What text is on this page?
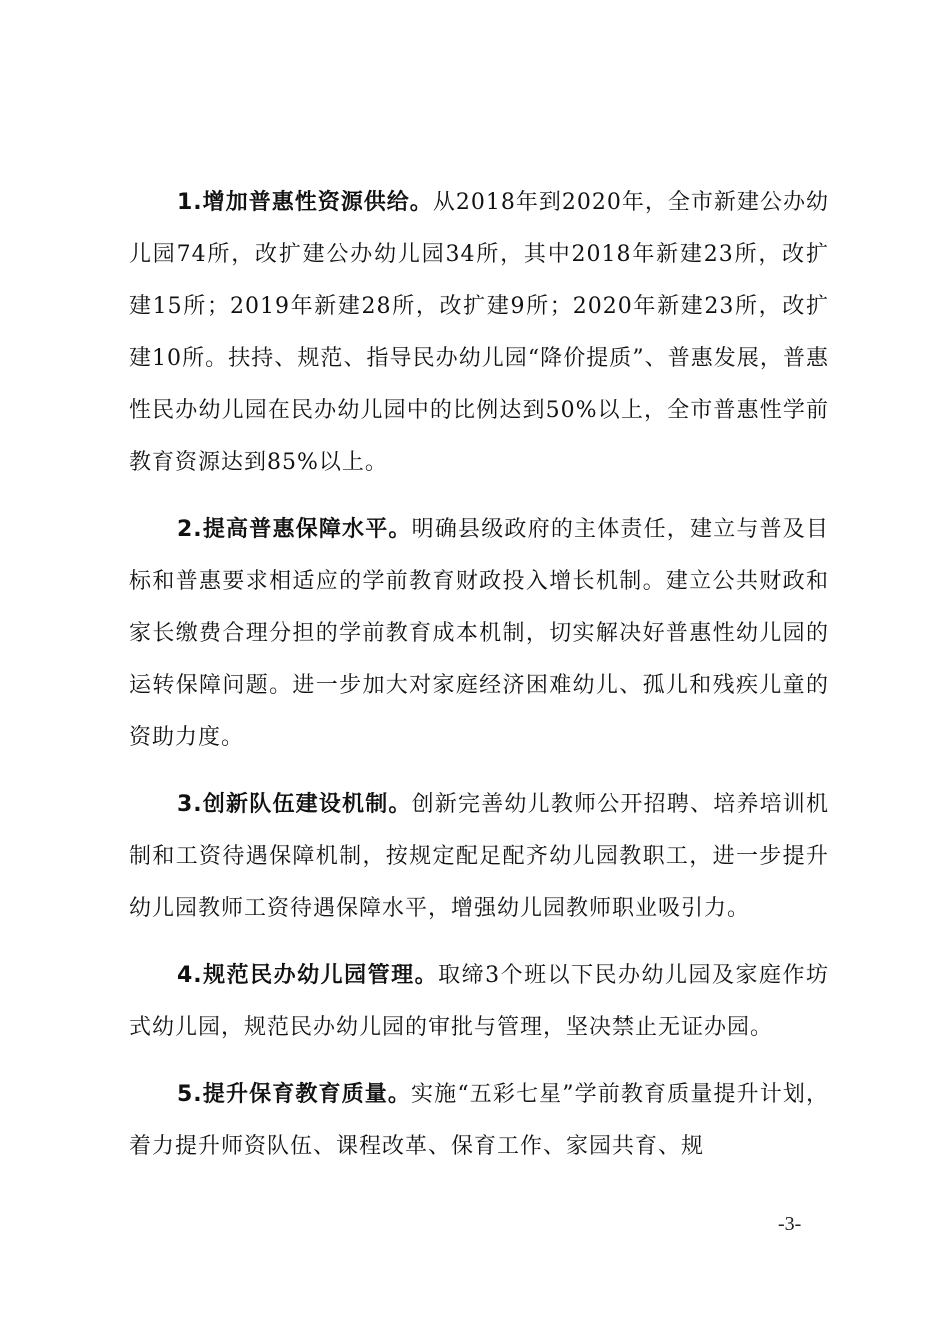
1.增加普惠性资源供给。从2018年到2020年，全市新建公办幼儿园74所，改扩建公办幼儿园34所，其中2018年新建23所，改扩建15所；2019年新建28所，改扩建9所；2020年新建23所，改扩建10所。扶持、规范、指导民办幼儿园“降价提质”、普惠发展，普惠性民办幼儿园在民办幼儿园中的比例达到50%以上，全市普惠性学前教育资源达到85%以上。

2.提高普惠保障水平。明确县级政府的主体责任，建立与普及目标和普惠要求相适应的学前教育财政投入增长机制。建立公共财政和家长缴费合理分担的学前教育成本机制，切实解决好普惠性幼儿园的运转保障问题。进一步加大对家庭经济困难幼儿、孤儿和残疾儿童的资助力度。

3.创新队伍建设机制。创新完善幼儿教师公开招聘、培养培训机制和工资待遇保障机制，按规定配足配齐幼儿园教职工，进一步提升幼儿园教师工资待遇保障水平，增强幼儿园教师职业吸引力。

4.规范民办幼儿园管理。取缔3个班以下民办幼儿园及家庭作坊式幼儿园，规范民办幼儿园的审批与管理，坚决禁止无证办园。

5.提升保育教育质量。实施“五彩七星”学前教育质量提升计划，着力提升师资队伍、课程改革、保育工作、家园共育、规

-3-
